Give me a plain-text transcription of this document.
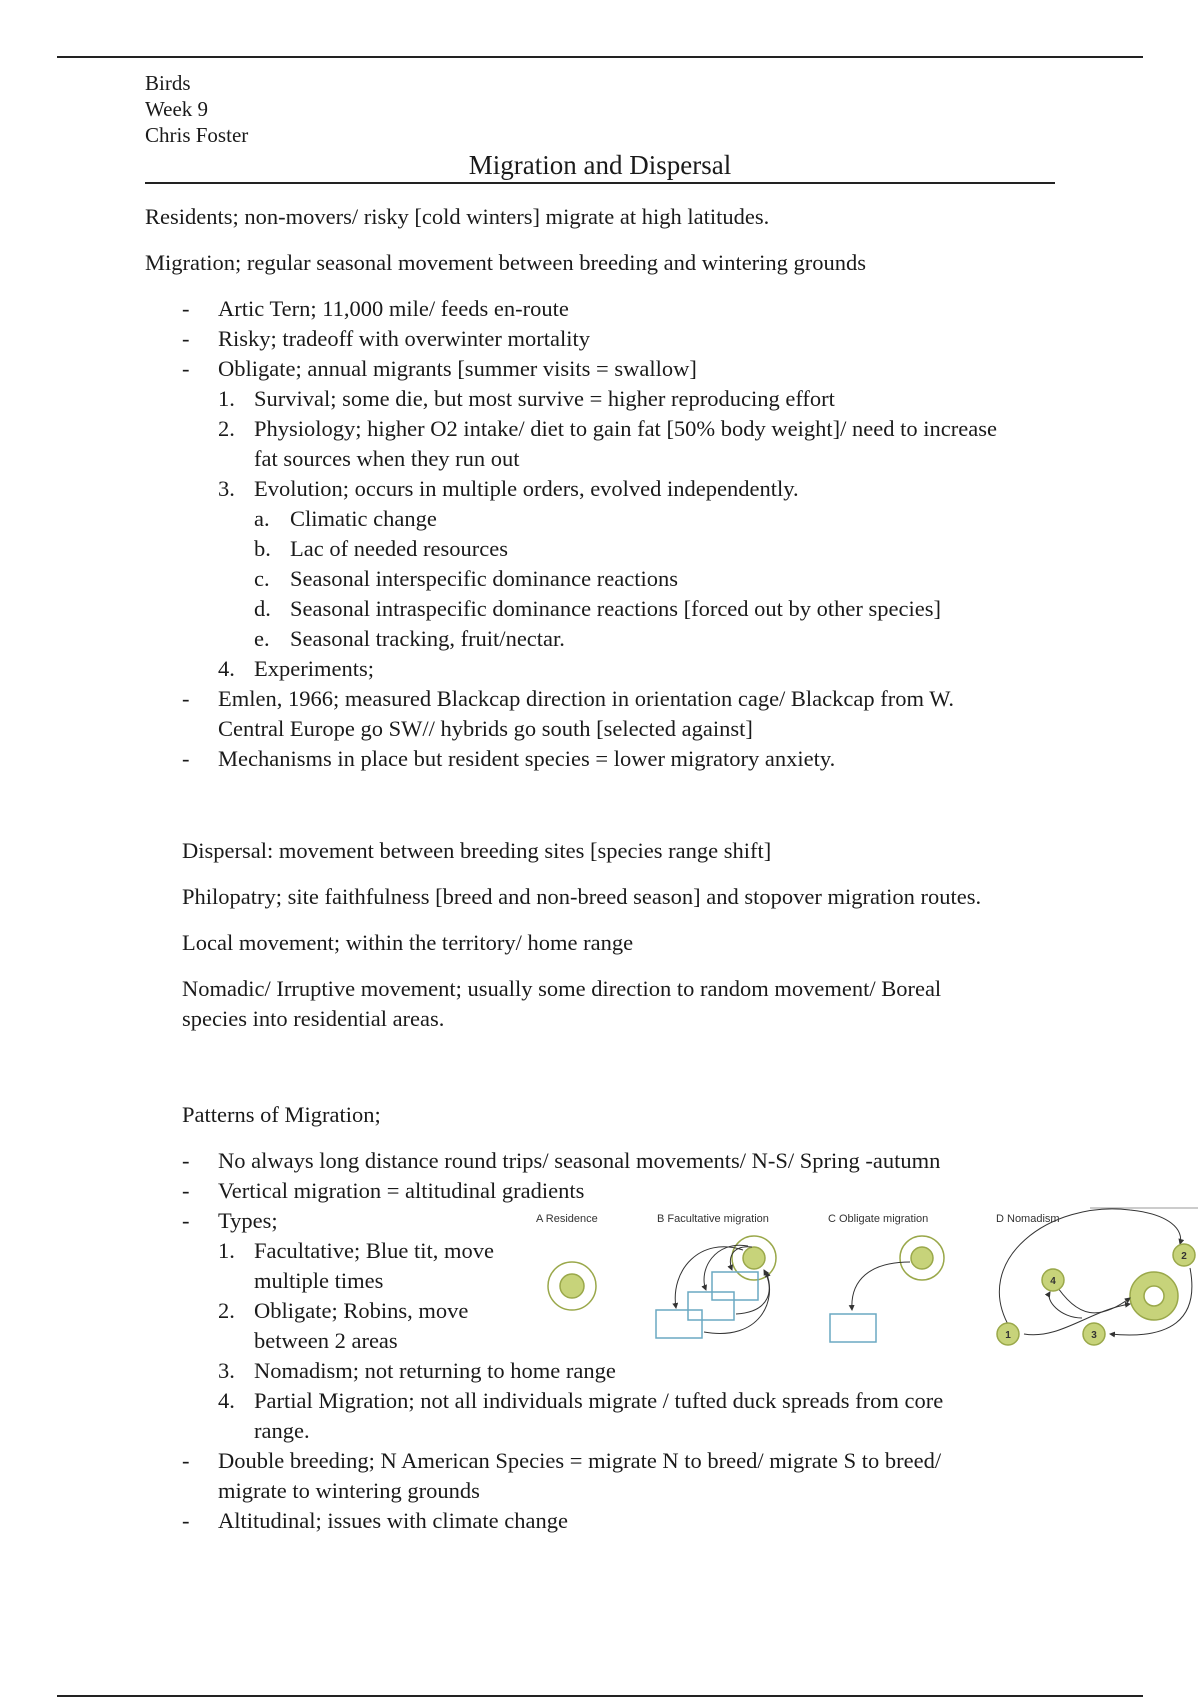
Birds
Week 9
Chris Foster
Migration and Dispersal
Residents; non-movers/ risky [cold winters] migrate at high latitudes.
Migration; regular seasonal movement between breeding and wintering grounds
- Artic Tern; 11,000 mile/ feeds en-route
- Risky; tradeoff with overwinter mortality
- Obligate; annual migrants [summer visits = swallow]
1. Survival; some die, but most survive = higher reproducing effort
2. Physiology; higher O2 intake/ diet to gain fat [50% body weight]/ need to increase
fat sources when they run out
3. Evolution; occurs in multiple orders, evolved independently.
a. Climatic change
b. Lac of needed resources
c. Seasonal interspecific dominance reactions
d. Seasonal intraspecific dominance reactions [forced out by other species]
e. Seasonal tracking, fruit/nectar.
4. Experiments;
- Emlen, 1966; measured Blackcap direction in orientation cage/ Blackcap from W.
Central Europe go SW// hybrids go south [selected against]
- Mechanisms in place but resident species = lower migratory anxiety.
Dispersal: movement between breeding sites [species range shift]
Philopatry; site faithfulness [breed and non-breed season] and stopover migration routes.
Local movement; within the territory/ home range
Nomadic/ Irruptive movement; usually some direction to random movement/ Boreal
species into residential areas.
Patterns of Migration;
- No always long distance round trips/ seasonal movements/ N-S/ Spring -autumn
- Vertical migration = altitudinal gradients
- Types;
1. Facultative; Blue tit, move
multiple times
2. Obligate; Robins, move
between 2 areas
3. Nomadism; not returning to home range
4. Partial Migration; not all individuals migrate / tufted duck spreads from core
range.
- Double breeding; N American Species = migrate N to breed/ migrate S to breed/
migrate to wintering grounds
- Altitudinal; issues with climate change
A Residence	B Facultative migration	C Obligate migration	D Nomadism
1
2
3
4
